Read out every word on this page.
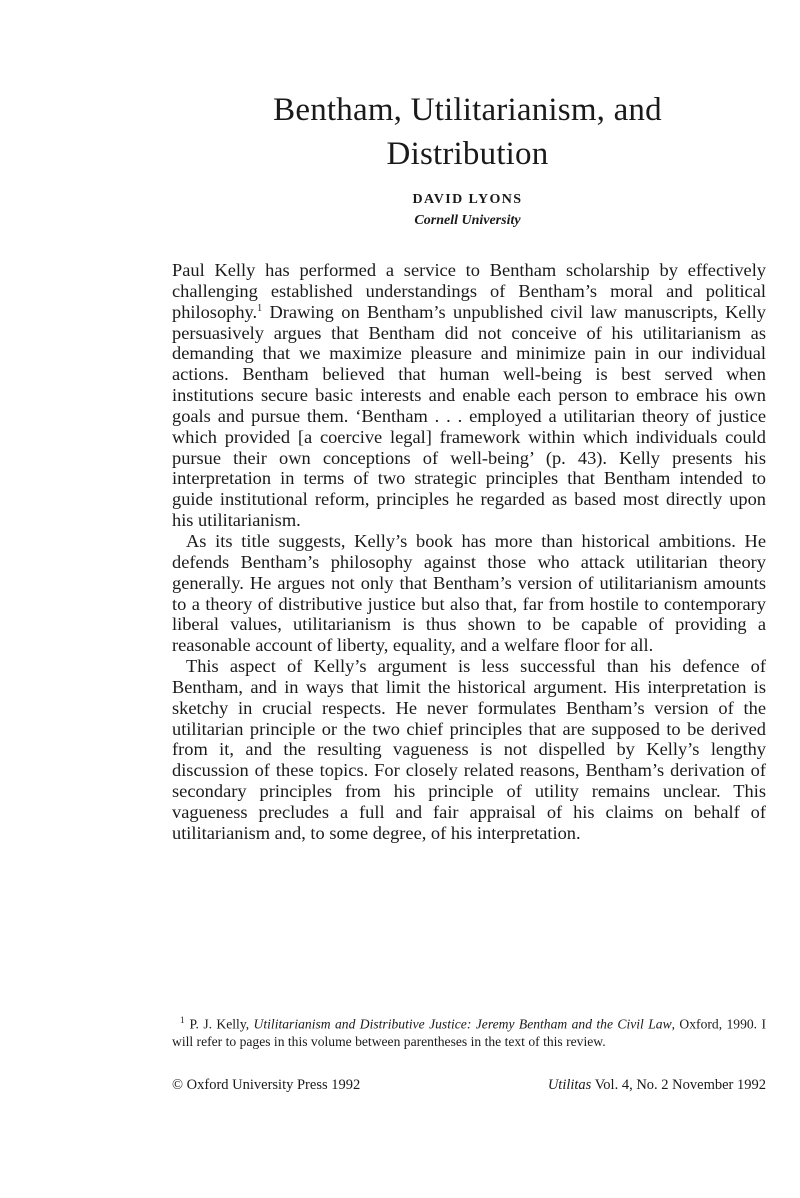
Bentham, Utilitarianism, and
Distribution
DAVID LYONS
Cornell University

Paul Kelly has performed a service to Bentham scholarship by effectively challenging established understandings of Bentham’s moral and political philosophy.$^1$ Drawing on Bentham’s unpublished civil law manuscripts, Kelly persuasively argues that Bentham did not conceive of his utilitarianism as demanding that we maximize pleasure and minimize pain in our individual actions. Bentham believed that human well-being is best served when institutions secure basic interests and enable each person to embrace his own goals and pursue them. ‘Bentham . . . employed a utilitarian theory of justice which provided [a coercive legal] framework within which individuals could pursue their own conceptions of well-being’ (p. 43). Kelly presents his interpretation in terms of two strategic principles that Bentham intended to guide institutional reform, principles he regarded as based most directly upon his utilitarianism.

As its title suggests, Kelly’s book has more than historical ambitions. He defends Bentham’s philosophy against those who attack utilitarian theory generally. He argues not only that Bentham’s version of utilitarianism amounts to a theory of distributive justice but also that, far from hostile to contemporary liberal values, utilitarianism is thus shown to be capable of providing a reasonable account of liberty, equality, and a welfare floor for all.

This aspect of Kelly’s argument is less successful than his defence of Bentham, and in ways that limit the historical argument. His interpretation is sketchy in crucial respects. He never formulates Bentham’s version of the utilitarian principle or the two chief principles that are supposed to be derived from it, and the resulting vagueness is not dispelled by Kelly’s lengthy discussion of these topics. For closely related reasons, Bentham’s derivation of secondary principles from his principle of utility remains unclear. This vagueness precludes a full and fair appraisal of his claims on behalf of utilitarianism and, to some degree, of his interpretation.

$^1$ P. J. Kelly, Utilitarianism and Distributive Justice: Jeremy Bentham and the Civil Law, Oxford, 1990. I will refer to pages in this volume between parentheses in the text of this review.
© Oxford University Press 1992	Utilitas Vol. 4, No. 2 November 1992
